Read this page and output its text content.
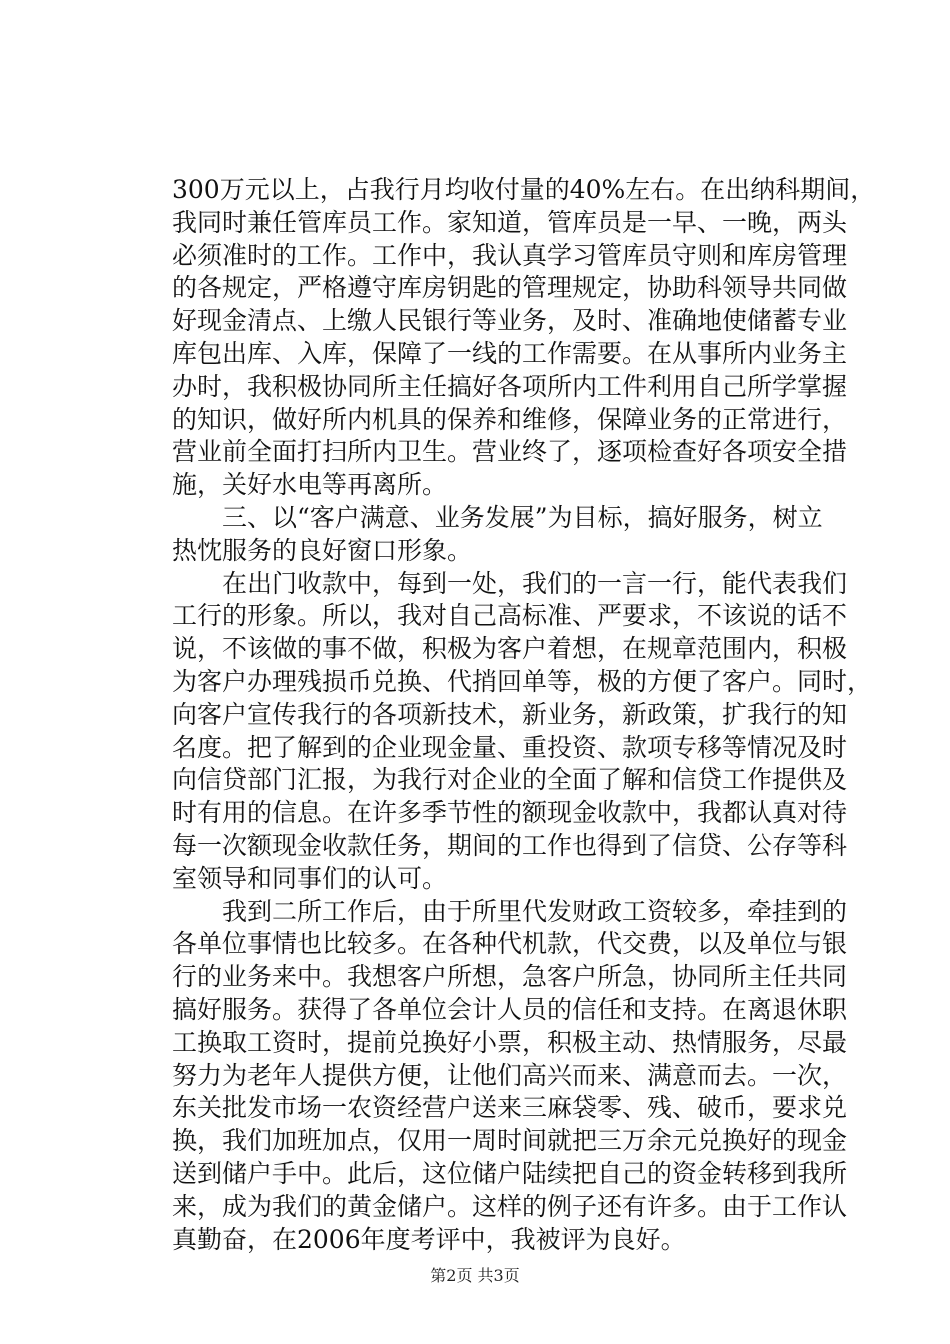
300万元以上，占我行月均收付量的40%左右。在出纳科期间，
我同时兼任管库员工作。家知道，管库员是一早、一晚，两头
必须准时的工作。工作中，我认真学习管库员守则和库房管理
的各规定，严格遵守库房钥匙的管理规定，协助科领导共同做
好现金清点、上缴人民银行等业务，及时、准确地使储蓄专业
库包出库、入库，保障了一线的工作需要。在从事所内业务主
办时，我积极协同所主任搞好各项所内工件利用自己所学掌握
的知识，做好所内机具的保养和维修，保障业务的正常进行，
营业前全面打扫所内卫生。营业终了，逐项检查好各项安全措
施，关好水电等再离所。
三、以“客户满意、业务发展”为目标，搞好服务，树立
热忱服务的良好窗口形象。
在出门收款中，每到一处，我们的一言一行，能代表我们
工行的形象。所以，我对自己高标准、严要求，不该说的话不
说，不该做的事不做，积极为客户着想，在规章范围内，积极
为客户办理残损币兑换、代捎回单等，极的方便了客户。同时，
向客户宣传我行的各项新技术，新业务，新政策，扩我行的知
名度。把了解到的企业现金量、重投资、款项专移等情况及时
向信贷部门汇报，为我行对企业的全面了解和信贷工作提供及
时有用的信息。在许多季节性的额现金收款中，我都认真对待
每一次额现金收款任务，期间的工作也得到了信贷、公存等科
室领导和同事们的认可。
我到二所工作后，由于所里代发财政工资较多，牵挂到的
各单位事情也比较多。在各种代机款，代交费，以及单位与银
行的业务来中。我想客户所想，急客户所急，协同所主任共同
搞好服务。获得了各单位会计人员的信任和支持。在离退休职
工换取工资时，提前兑换好小票，积极主动、热情服务，尽最
努力为老年人提供方便，让他们高兴而来、满意而去。一次，
东关批发市场一农资经营户送来三麻袋零、残、破币，要求兑
换，我们加班加点，仅用一周时间就把三万余元兑换好的现金
送到储户手中。此后，这位储户陆续把自己的资金转移到我所
来，成为我们的黄金储户。这样的例子还有许多。由于工作认
真勤奋，在2006年度考评中，我被评为良好。
第2页 共3页
